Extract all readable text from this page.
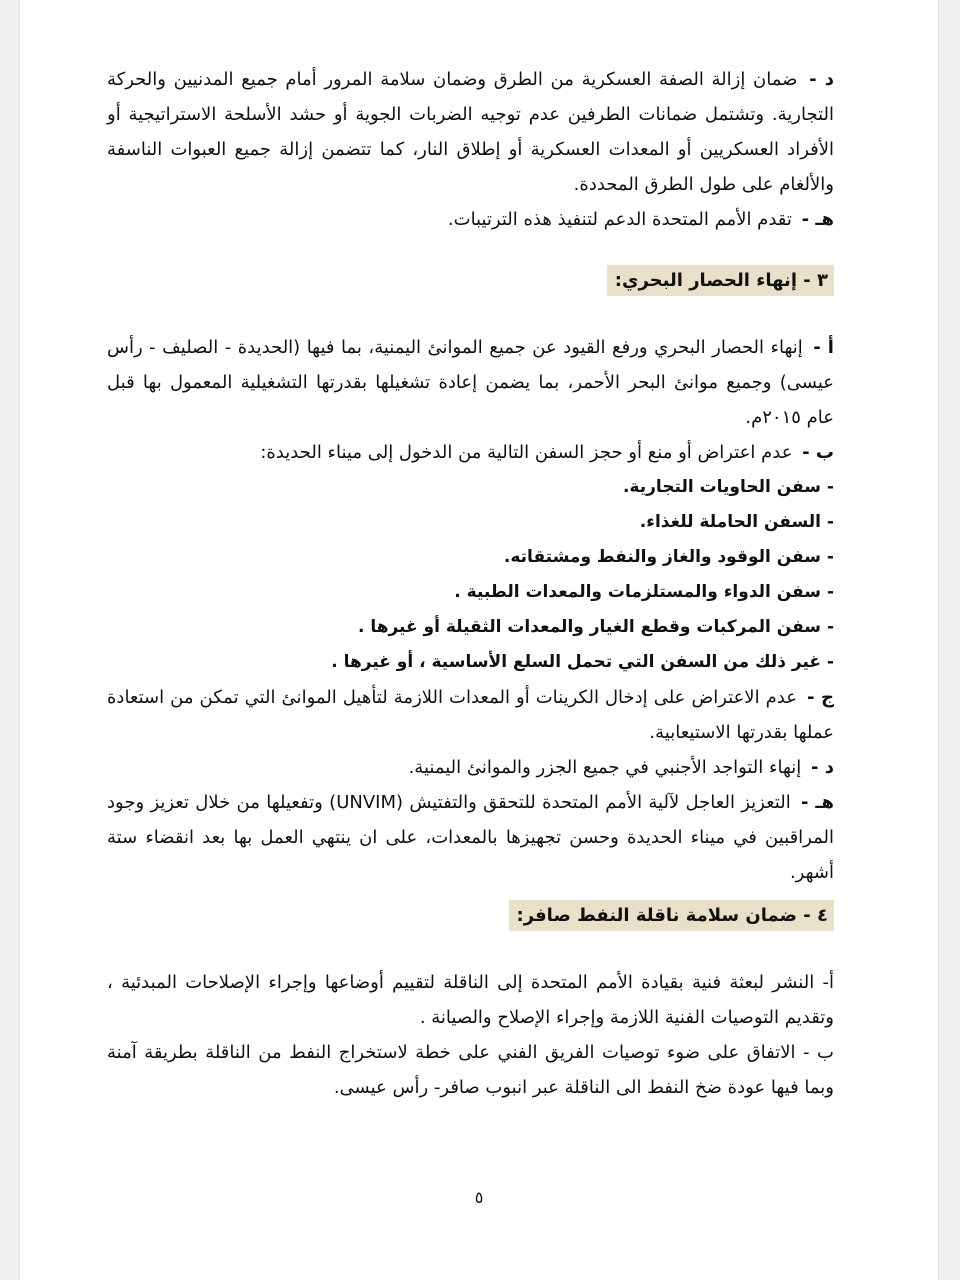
د - ضمان إزالة الصفة العسكرية من الطرق وضمان سلامة المرور أمام جميع المدنيين والحركة التجارية. وتشتمل ضمانات الطرفين عدم توجيه الضربات الجوية أو حشد الأسلحة الاستراتيجية أو الأفراد العسكريين أو المعدات العسكرية أو إطلاق النار، كما تتضمن إزالة جميع العبوات الناسفة والألغام على طول الطرق المحددة.

هـ - تقدم الأمم المتحدة الدعم لتنفيذ هذه الترتيبات.

٣ - إنهاء الحصار البحري:

أ - إنهاء الحصار البحري ورفع القيود عن جميع الموانئ اليمنية، بما فيها (الحديدة - الصليف - رأس عيسى) وجميع موانئ البحر الأحمر، بما يضمن إعادة تشغيلها بقدرتها التشغيلية المعمول بها قبل عام ٢٠١٥م.

ب - عدم اعتراض أو منع أو حجز السفن التالية من الدخول إلى ميناء الحديدة:

- سفن الحاويات التجارية.
- السفن الحاملة للغذاء.
- سفن الوقود والغاز والنفط ومشتقاته.
- سفن الدواء والمستلزمات والمعدات الطبية .
- سفن المركبات وقطع الغيار والمعدات الثقيلة أو غيرها .
- غير ذلك من السفن التي تحمل السلع الأساسية ، أو غيرها .

ج - عدم الاعتراض على إدخال الكرينات أو المعدات اللازمة لتأهيل الموانئ التي تمكن من استعادة عملها بقدرتها الاستيعابية.

د - إنهاء التواجد الأجنبي في جميع الجزر والموانئ اليمنية.

هـ - التعزيز العاجل لآلية الأمم المتحدة للتحقق والتفتيش (UNVIM) وتفعيلها من خلال تعزيز وجود المراقبين في ميناء الحديدة وحسن تجهيزها بالمعدات، على ان ينتهي العمل بها بعد انقضاء ستة أشهر.

٤ - ضمان سلامة ناقلة النفط صافر:

أ- النشر لبعثة فنية بقيادة الأمم المتحدة إلى الناقلة لتقييم أوضاعها وإجراء الإصلاحات المبدئية ، وتقديم التوصيات الفنية اللازمة وإجراء الإصلاح والصيانة .

ب - الاتفاق على ضوء توصيات الفريق الفني على خطة لاستخراج النفط من الناقلة بطريقة آمنة وبما فيها عودة ضخ النفط الى الناقلة عبر انبوب صافر- رأس عيسى.

٥
